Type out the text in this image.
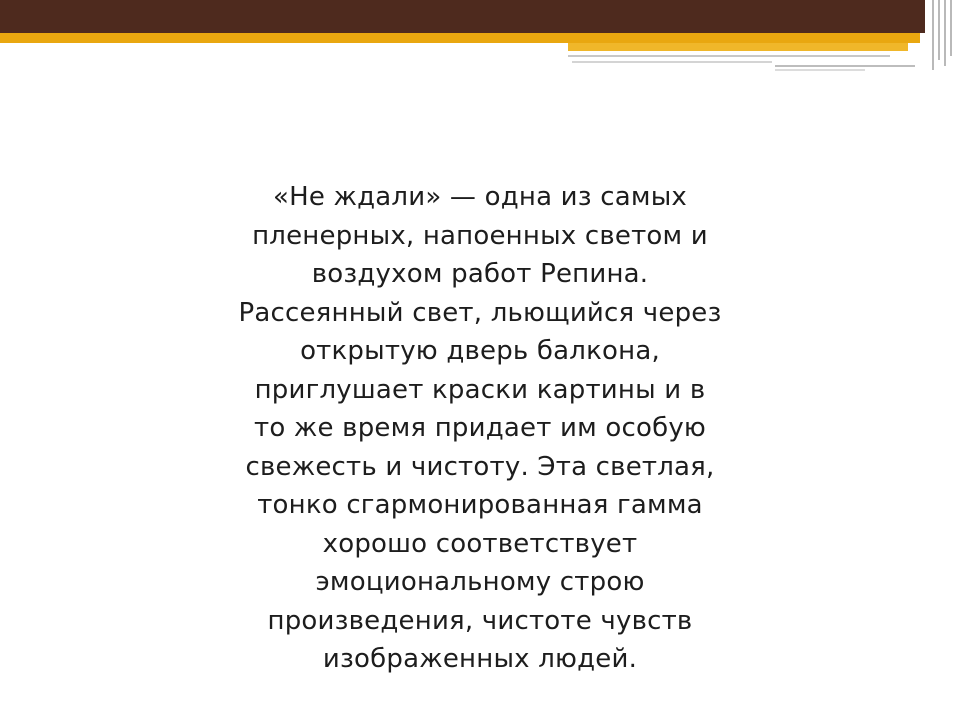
«Не ждали» — одна из самых
пленерных, напоенных светом и
воздухом работ Репина.
Рассеянный свет, льющийся через
открытую дверь балкона,
приглушает краски картины и в
то же время придает им особую
свежесть и чистоту. Эта светлая,
тонко сгармонированная гамма
хорошо соответствует
эмоциональному строю
произведения, чистоте чувств
изображенных людей.
